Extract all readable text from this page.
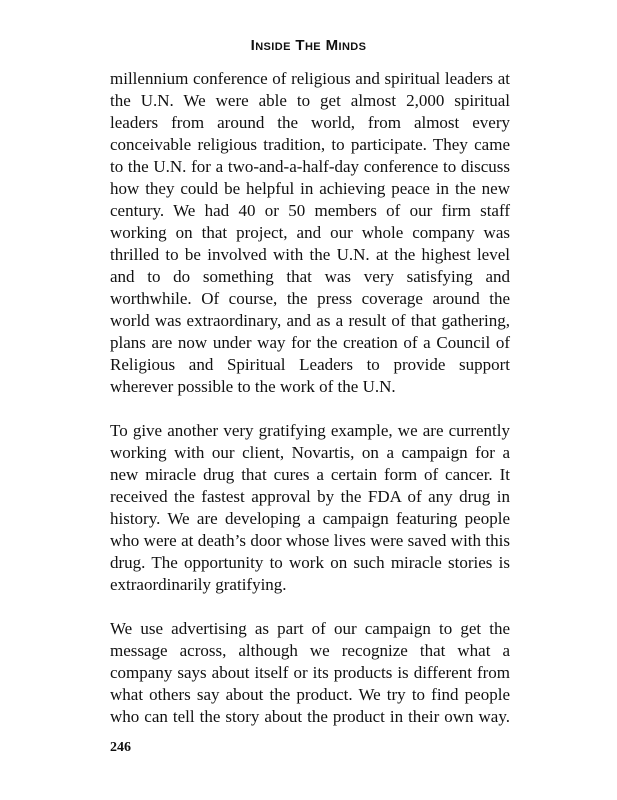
Inside The Minds

millennium conference of religious and spiritual leaders at the U.N. We were able to get almost 2,000 spiritual leaders from around the world, from almost every conceivable religious tradition, to participate. They came to the U.N. for a two-and-a-half-day conference to discuss how they could be helpful in achieving peace in the new century. We had 40 or 50 members of our firm staff working on that project, and our whole company was thrilled to be involved with the U.N. at the highest level and to do something that was very satisfying and worthwhile. Of course, the press coverage around the world was extraordinary, and as a result of that gathering, plans are now under way for the creation of a Council of Religious and Spiritual Leaders to provide support wherever possible to the work of the U.N.

To give another very gratifying example, we are currently working with our client, Novartis, on a campaign for a new miracle drug that cures a certain form of cancer. It received the fastest approval by the FDA of any drug in history. We are developing a campaign featuring people who were at death’s door whose lives were saved with this drug. The opportunity to work on such miracle stories is extraordinarily gratifying.

We use advertising as part of our campaign to get the message across, although we recognize that what a company says about itself or its products is different from what others say about the product. We try to find people who can tell the story about the product in their own way.

246
